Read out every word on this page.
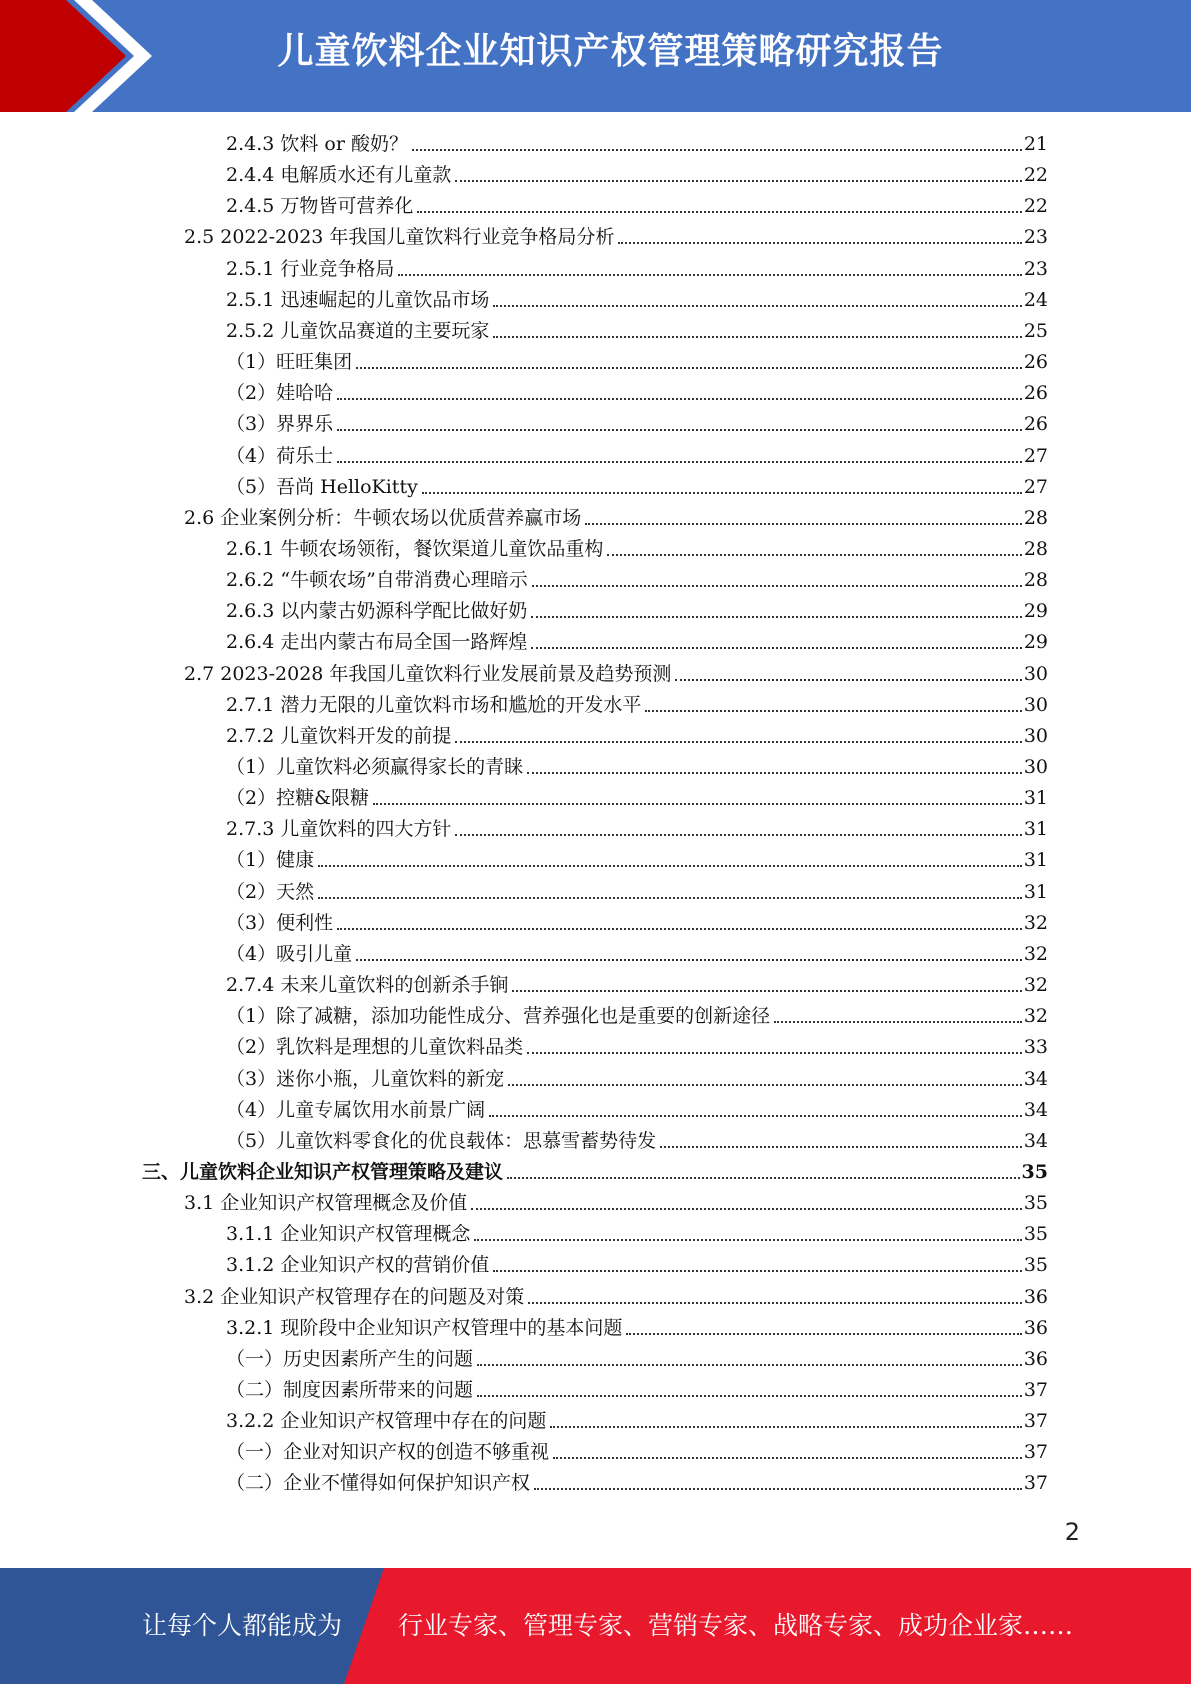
儿童饮料企业知识产权管理策略研究报告
2.4.3 饮料 or 酸奶？	21
2.4.4 电解质水还有儿童款	22
2.4.5 万物皆可营养化	22
2.5 2022-2023 年我国儿童饮料行业竞争格局分析	23
2.5.1 行业竞争格局	23
2.5.1 迅速崛起的儿童饮品市场	24
2.5.2 儿童饮品赛道的主要玩家	25
（1）旺旺集团	26
（2）娃哈哈	26
（3）界界乐	26
（4）荷乐士	27
（5）吾尚 HelloKitty	27
2.6 企业案例分析：牛顿农场以优质营养赢市场	28
2.6.1 牛顿农场领衔，餐饮渠道儿童饮品重构	28
2.6.2 “牛顿农场”自带消费心理暗示	28
2.6.3 以内蒙古奶源科学配比做好奶	29
2.6.4 走出内蒙古布局全国一路辉煌	29
2.7 2023-2028 年我国儿童饮料行业发展前景及趋势预测	30
2.7.1 潜力无限的儿童饮料市场和尴尬的开发水平	30
2.7.2 儿童饮料开发的前提	30
（1）儿童饮料必须赢得家长的青睐	30
（2）控糖&限糖	31
2.7.3 儿童饮料的四大方针	31
（1）健康	31
（2）天然	31
（3）便利性	32
（4）吸引儿童	32
2.7.4 未来儿童饮料的创新杀手锏	32
（1）除了减糖，添加功能性成分、营养强化也是重要的创新途径	32
（2）乳饮料是理想的儿童饮料品类	33
（3）迷你小瓶，儿童饮料的新宠	34
（4）儿童专属饮用水前景广阔	34
（5）儿童饮料零食化的优良载体：思慕雪蓄势待发	34
三、儿童饮料企业知识产权管理策略及建议	35
3.1 企业知识产权管理概念及价值	35
3.1.1 企业知识产权管理概念	35
3.1.2 企业知识产权的营销价值	35
3.2 企业知识产权管理存在的问题及对策	36
3.2.1 现阶段中企业知识产权管理中的基本问题	36
（一）历史因素所产生的问题	36
（二）制度因素所带来的问题	37
3.2.2 企业知识产权管理中存在的问题	37
（一）企业对知识产权的创造不够重视	37
（二）企业不懂得如何保护知识产权	37
2
让每个人都能成为 行业专家、管理专家、营销专家、战略专家、成功企业家……
